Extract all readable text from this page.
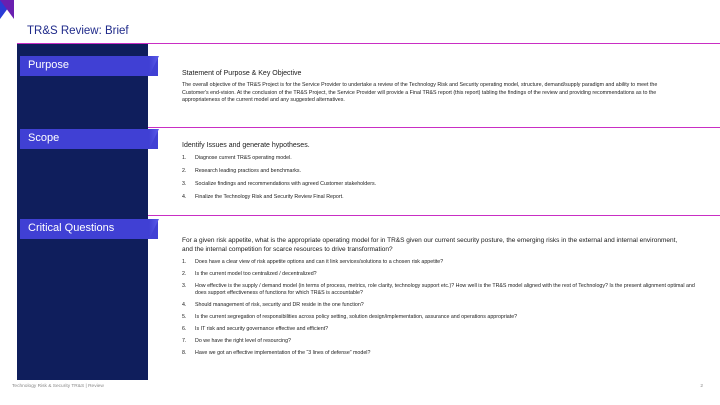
TR&S Review: Brief
Purpose
Statement of Purpose & Key Objective
The overall objective of the TR&S Project is for the Service Provider to undertake a review of the Technology Risk and Security operating model, structure, demand/supply paradigm and ability to meet the Customer's end-vision. At the conclusion of the TR&S Project, the Service Provider will provide a Final TR&S report (this report) tabling the findings of the review and providing recommendations as to the appropriateness of the current model and any suggested alternatives.
Scope
Identify Issues and generate hypotheses.
1.	Diagnose current TR&S operating model.
2.	Research leading practices and benchmarks.
3.	Socialize findings and recommendations with agreed Customer stakeholders.
4.	Finalize the Technology Risk and Security Review Final Report.
Critical Questions
For a given risk appetite, what is the appropriate operating model for in TR&S given our current security posture, the emerging risks in the external and internal environment, and the internal competition for scarce resources to drive transformation?
1.	Does have a clear view of risk appetite options and can it link services/solutions to a chosen risk appetite?
2.	Is the current model too centralized / decentralized?
3.	How effective is the supply / demand model (in terms of process, metrics, role clarity, technology support etc.)? How well is the TR&S model aligned with the rest of Technology? Is the present alignment optimal and does support effectiveness of functions for which TR&S is accountable?
4.	Should management of risk, security and DR reside in the one function?
5.	Is the current segregation of responsibilities across policy setting, solution design/implementation, assurance and operations appropriate?
6.	Is IT risk and security governance effective and efficient?
7.	Do we have the right level of resourcing?
8.	Have we got an effective implementation of the “3 lines of defense” model?
Technology Risk & Security TR&S | Review	2
